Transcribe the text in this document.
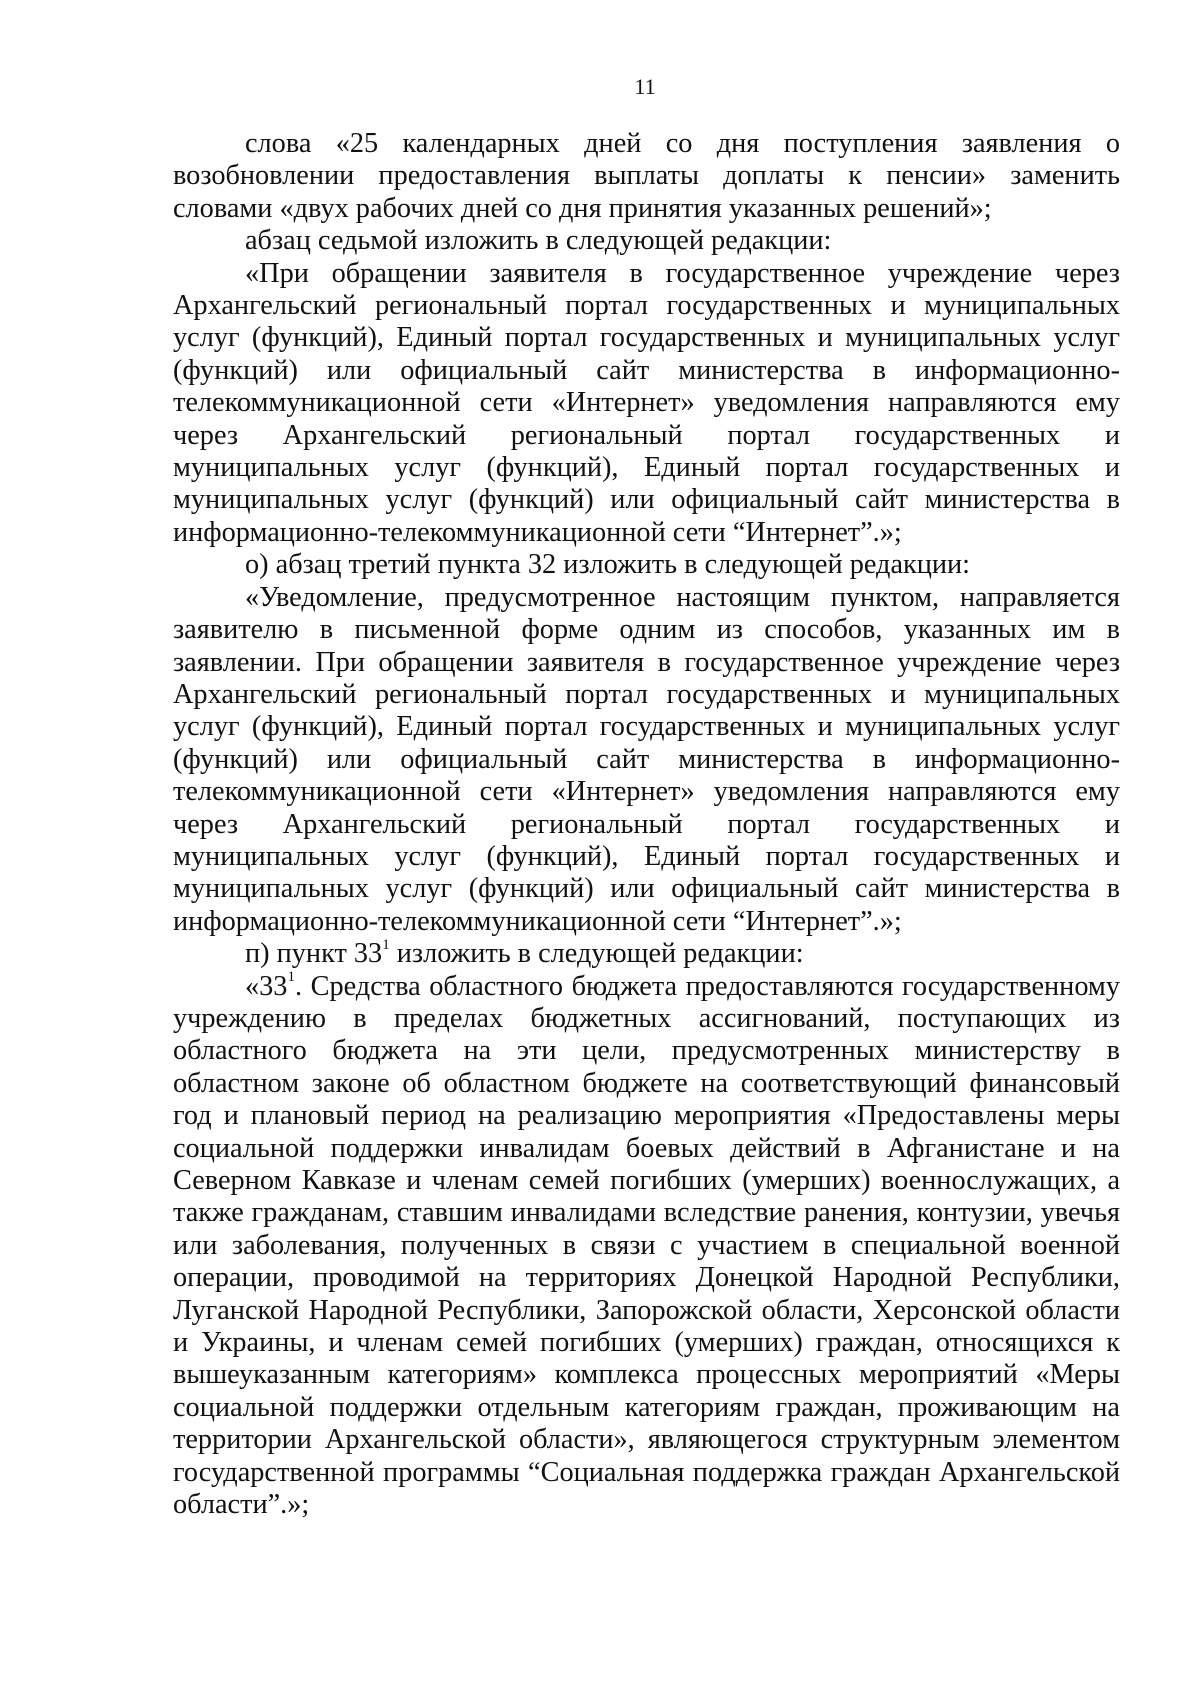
11

слова «25 календарных дней со дня поступления заявления о возобновлении предоставления выплаты доплаты к пенсии» заменить словами «двух рабочих дней со дня принятия указанных решений»;

абзац седьмой изложить в следующей редакции:

«При обращении заявителя в государственное учреждение через Архангельский региональный портал государственных и муниципальных услуг (функций), Единый портал государственных и муниципальных услуг (функций) или официальный сайт министерства в информационно-телекоммуникационной сети «Интернет» уведомления направляются ему через Архангельский региональный портал государственных и муниципальных услуг (функций), Единый портал государственных и муниципальных услуг (функций) или официальный сайт министерства в информационно-телекоммуникационной сети “Интернет”.»;

о) абзац третий пункта 32 изложить в следующей редакции:

«Уведомление, предусмотренное настоящим пунктом, направляется заявителю в письменной форме одним из способов, указанных им в заявлении. При обращении заявителя в государственное учреждение через Архангельский региональный портал государственных и муниципальных услуг (функций), Единый портал государственных и муниципальных услуг (функций) или официальный сайт министерства в информационно-телекоммуникационной сети «Интернет» уведомления направляются ему через Архангельский региональный портал государственных и муниципальных услуг (функций), Единый портал государственных и муниципальных услуг (функций) или официальный сайт министерства в информационно-телекоммуникационной сети “Интернет”.»;

п) пункт $33^1$ изложить в следующей редакции:

«$33^1$. Средства областного бюджета предоставляются государственному учреждению в пределах бюджетных ассигнований, поступающих из областного бюджета на эти цели, предусмотренных министерству в областном законе об областном бюджете на соответствующий финансовый год и плановый период на реализацию мероприятия «Предоставлены меры социальной поддержки инвалидам боевых действий в Афганистане и на Северном Кавказе и членам семей погибших (умерших) военнослужащих, а также гражданам, ставшим инвалидами вследствие ранения, контузии, увечья или заболевания, полученных в связи с участием в специальной военной операции, проводимой на территориях Донецкой Народной Республики, Луганской Народной Республики, Запорожской области, Херсонской области и Украины, и членам семей погибших (умерших) граждан, относящихся к вышеуказанным категориям» комплекса процессных мероприятий «Меры социальной поддержки отдельным категориям граждан, проживающим на территории Архангельской области», являющегося структурным элементом государственной программы “Социальная поддержка граждан Архангельской области”.»;
